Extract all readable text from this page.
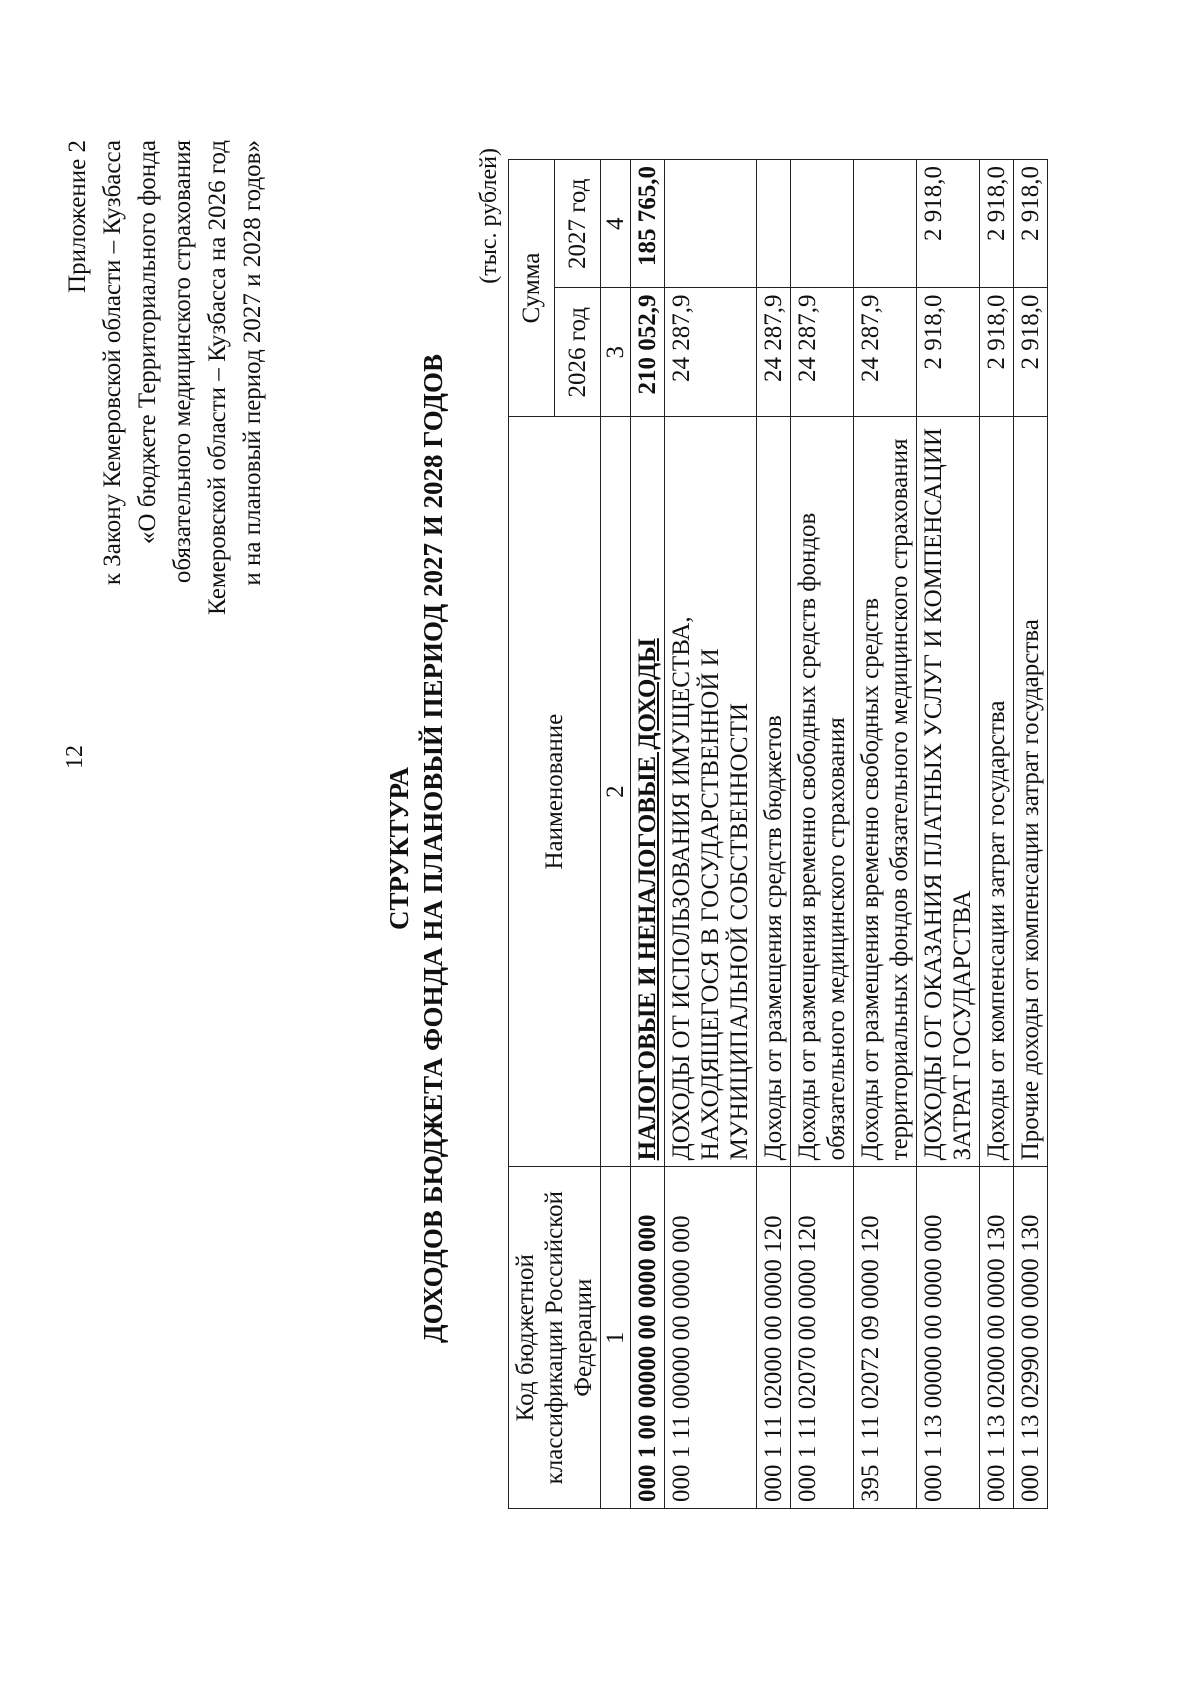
12
Приложение 2 к Закону Кемеровской области – Кузбасса «О бюджете Территориального фонда обязательного медицинского страхования Кемеровской области – Кузбасса на 2026 год и на плановый период 2027 и 2028 годов»
СТРУКТУРА ДОХОДОВ БЮДЖЕТА ФОНДА НА ПЛАНОВЫЙ ПЕРИОД 2027 И 2028 ГОДОВ
(тыс. рублей)
Код бюджетной классификации Российской Федерации	Наименование	Сумма	
		2026 год	2027 год
1	2	3	4
000 1 00 00000 00 0000 000	НАЛОГОВЫЕ И НЕНАЛОГОВЫЕ ДОХОДЫ	210 052,9	185 765,0
000 1 11 00000 00 0000 000	ДОХОДЫ ОТ ИСПОЛЬЗОВАНИЯ ИМУЩЕСТВА, НАХОДЯЩЕГОСЯ В ГОСУДАРСТВЕННОЙ И МУНИЦИПАЛЬНОЙ СОБСТВЕННОСТИ	24 287,9	
000 1 11 02000 00 0000 120	Доходы от размещения средств бюджетов	24 287,9	
000 1 11 02070 00 0000 120	Доходы от размещения временно свободных средств фондов обязательного медицинского страхования	24 287,9	
395 1 11 02072 09 0000 120	Доходы от размещения временно свободных средств территориальных фондов обязательного медицинского страхования	24 287,9	
000 1 13 00000 00 0000 000	ДОХОДЫ ОТ ОКАЗАНИЯ ПЛАТНЫХ УСЛУГ И КОМПЕНСАЦИИ ЗАТРАТ ГОСУДАРСТВА	2 918,0	2 918,0
000 1 13 02000 00 0000 130	Доходы от компенсации затрат государства	2 918,0	2 918,0
000 1 13 02990 00 0000 130	Прочие доходы от компенсации затрат государства	2 918,0	2 918,0
